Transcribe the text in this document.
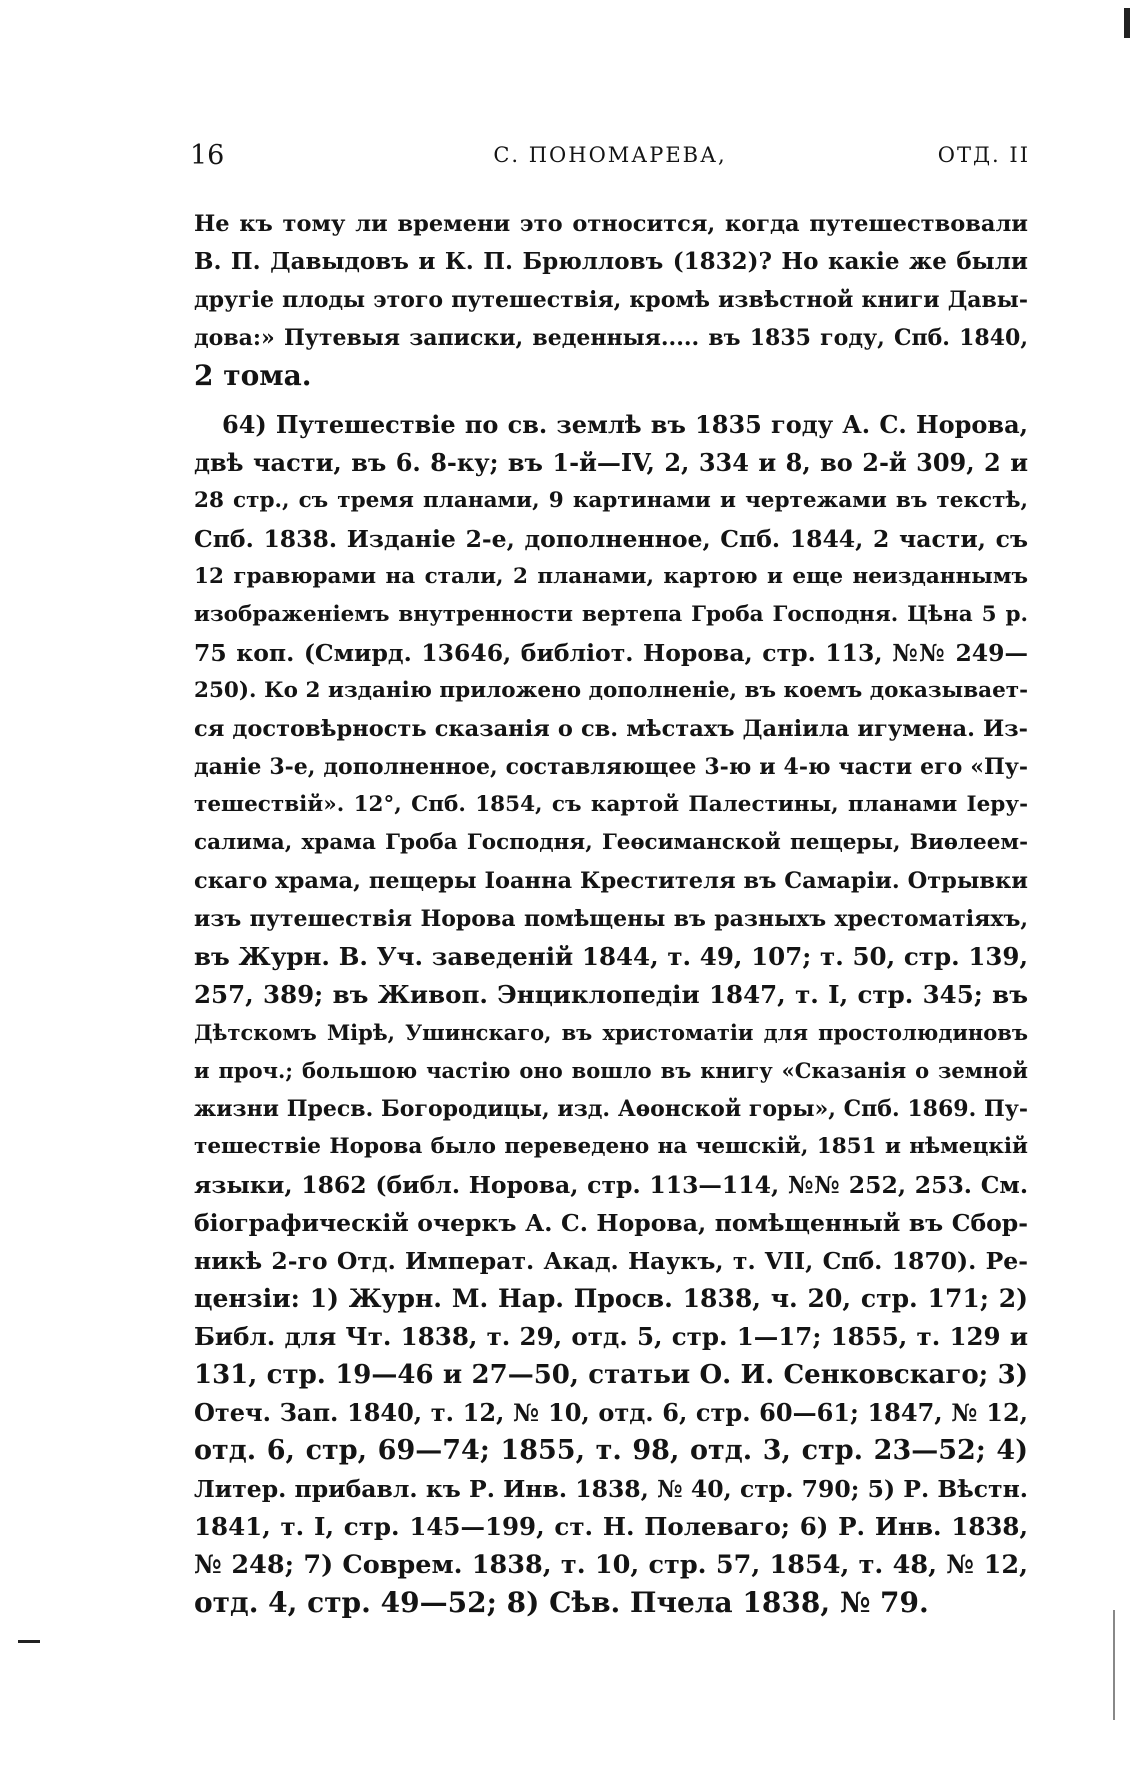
16	С. ПОНОМАРЕВА,	ОТД. II
Не къ тому ли времени это относится, когда путешествовали
В. П. Давыдовъ и К. П. Брюлловъ (1832)? Но какіе же были
другіе плоды этого путешествія, кромѣ извѣстной книги Давы-
дова:» Путевыя записки, веденныя..... въ 1835 году, Спб. 1840,
2 тома.
64) Путешествіе по св. землѣ въ 1835 году А. С. Норова,
двѣ части, въ 6. 8-ку; въ 1-й—IV, 2, 334 и 8, во 2-й 309, 2 и
28 стр., съ тремя планами, 9 картинами и чертежами въ текстѣ,
Спб. 1838. Изданіе 2-е, дополненное, Спб. 1844, 2 части, съ
12 гравюрами на стали, 2 планами, картою и еще неизданнымъ
изображеніемъ внутренности вертепа Гроба Господня. Цѣна 5 р.
75 коп. (Смирд. 13646, библіот. Норова, стр. 113, №№ 249—
250). Ко 2 изданію приложено дополненіе, въ коемъ доказывает-
ся достовѣрность сказанія о св. мѣстахъ Даніила игумена. Из-
даніе 3-е, дополненное, составляющее 3-ю и 4-ю части его «Пу-
тешествій». 12°, Спб. 1854, съ картой Палестины, планами Іеру-
салима, храма Гроба Господня, Геѳсиманской пещеры, Виѳлеем-
скаго храма, пещеры Іоанна Крестителя въ Самаріи. Отрывки
изъ путешествія Норова помѣщены въ разныхъ хрестоматіяхъ,
въ Журн. В. Уч. заведеній 1844, т. 49, 107; т. 50, стр. 139,
257, 389; въ Живоп. Энциклопедіи 1847, т. I, стр. 345; въ
Дѣтскомъ Мірѣ, Ушинскаго, въ христоматіи для простолюдиновъ
и проч.; большою частію оно вошло въ книгу «Сказанія о земной
жизни Пресв. Богородицы, изд. Аѳонской горы», Спб. 1869. Пу-
тешествіе Норова было переведено на чешскій, 1851 и нѣмецкій
языки, 1862 (библ. Норова, стр. 113—114, №№ 252, 253. См.
біографическій очеркъ А. С. Норова, помѣщенный въ Сбор-
никѣ 2-го Отд. Императ. Акад. Наукъ, т. VII, Спб. 1870). Ре-
цензіи: 1) Журн. М. Нар. Просв. 1838, ч. 20, стр. 171; 2)
Библ. для Чт. 1838, т. 29, отд. 5, стр. 1—17; 1855, т. 129 и
131, стр. 19—46 и 27—50, статьи О. И. Сенковскаго; 3)
Отеч. Зап. 1840, т. 12, № 10, отд. 6, стр. 60—61; 1847, № 12,
отд. 6, стр, 69—74; 1855, т. 98, отд. 3, стр. 23—52; 4)
Литер. прибавл. къ Р. Инв. 1838, № 40, стр. 790; 5) Р. Вѣстн.
1841, т. I, стр. 145—199, ст. Н. Полеваго; 6) Р. Инв. 1838,
№ 248; 7) Соврем. 1838, т. 10, стр. 57, 1854, т. 48, № 12,
отд. 4, стр. 49—52; 8) Сѣв. Пчела 1838, № 79.
